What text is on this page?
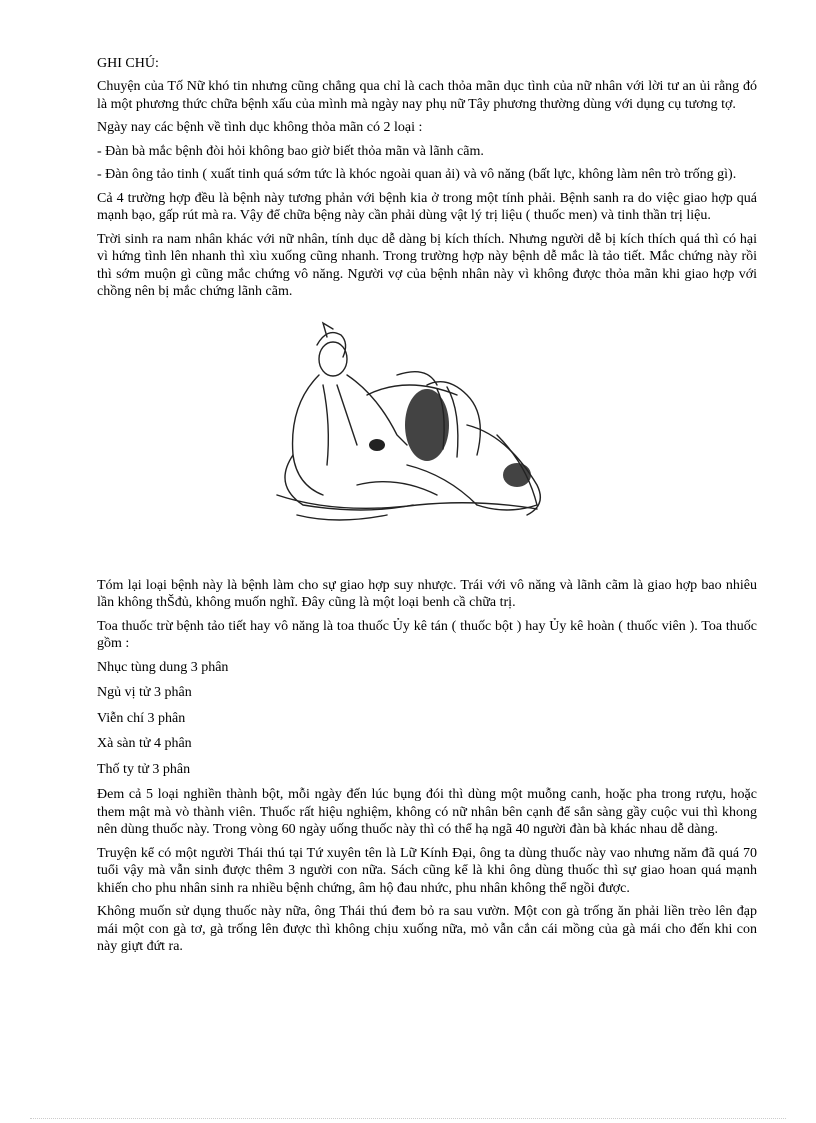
GHI CHÚ:

Chuyện của Tố Nữ khó tin nhưng cũng chẳng qua chỉ là cach thỏa mãn dục tình của nữ nhân với lời tư an ủi rằng đó là một phương thức chữa bệnh xấu của mình mà ngày nay phụ nữ Tây phương thường dùng với dụng cụ tương tợ.

Ngày nay các bệnh về tình dục không thỏa mãn có 2 loại :

- Đàn bà mắc bệnh đòi hỏi không bao giờ biết thỏa mãn và lãnh cãm.

- Đàn ông tảo tinh ( xuất tinh quá sớm tức là khóc ngoài quan ải) và vô năng (bất lực, không làm nên trò trống gì).

Cả 4 trường hợp đều là bệnh này tương phản với bệnh kia ở trong một tính phải. Bệnh sanh ra do việc giao hợp quá mạnh bạo, gấp rút mà ra. Vậy để chữa bệng này cần phải dùng vật lý trị liệu ( thuốc men) và tinh thần trị liệu.

Trời sinh ra nam nhân khác với nữ nhân, tính dục dễ dàng bị kích thích. Nhưng người dễ bị kích thích quá thì có hại vì hứng tình lên nhanh thì xìu xuống cũng nhanh. Trong trường hợp này bệnh dễ mắc là tảo tiết. Mắc chứng này rồi thì sớm muộn gì cũng mắc chứng vô năng. Người vợ của bệnh nhân này vì không được thỏa mãn khi giao hợp với chồng nên bị mắc chứng lãnh cãm.

Tóm lại loại bệnh này là bệnh làm cho sự giao hợp suy nhược. Trái với vô năng và lãnh cãm là giao hợp bao nhiêu lần không thŠđủ, không muốn nghĩ. Đây cũng là một loại benh cầ chữa trị.

Toa thuốc trừ bệnh tảo tiết hay vô năng là toa thuốc Ủy kê tán ( thuốc bột ) hay Ủy kê hoàn ( thuốc viên ). Toa thuốc gồm :

Nhục tùng dung 3 phân

Ngủ vị tử 3 phân

Viễn chí 3 phân

Xà sàn tử 4 phân

Thố ty tử 3 phân

Đem cả 5 loại nghiền thành bột, mỗi ngày đến lúc bụng đói thì dùng một muỗng canh, hoặc pha trong rượu, hoặc them mật mà vò thành viên. Thuốc rất hiệu nghiệm, không có nữ nhân bên cạnh để sẳn sàng gầy cuộc vui thì khong nên dùng thuốc này. Trong vòng 60 ngày uống thuốc này thì có thể hạ ngã 40 người đàn bà khác nhau dễ dàng.

Truyện kể có một người Thái thú tại Tứ xuyên tên là Lữ Kính Đại, ông ta dùng thuốc này vao nhưng năm đã quá 70 tuổi vậy mà vẫn sinh được thêm 3 người con nữa. Sách cũng kể là khi ông dùng thuốc thì sự giao hoan quá mạnh khiến cho phu nhân sinh ra nhiều bệnh chứng, âm hộ đau nhức, phu nhân không thể ngồi được.

Không muốn sử dụng thuốc này nữa, ông Thái thú đem bỏ ra sau vườn. Một con gà trống ăn phải liền trèo lên đạp mái một con gà tơ, gà trống lên được thì không chịu xuống nữa, mỏ vẫn cắn cái mồng của gà mái cho đến khi con này giựt đứt ra.
